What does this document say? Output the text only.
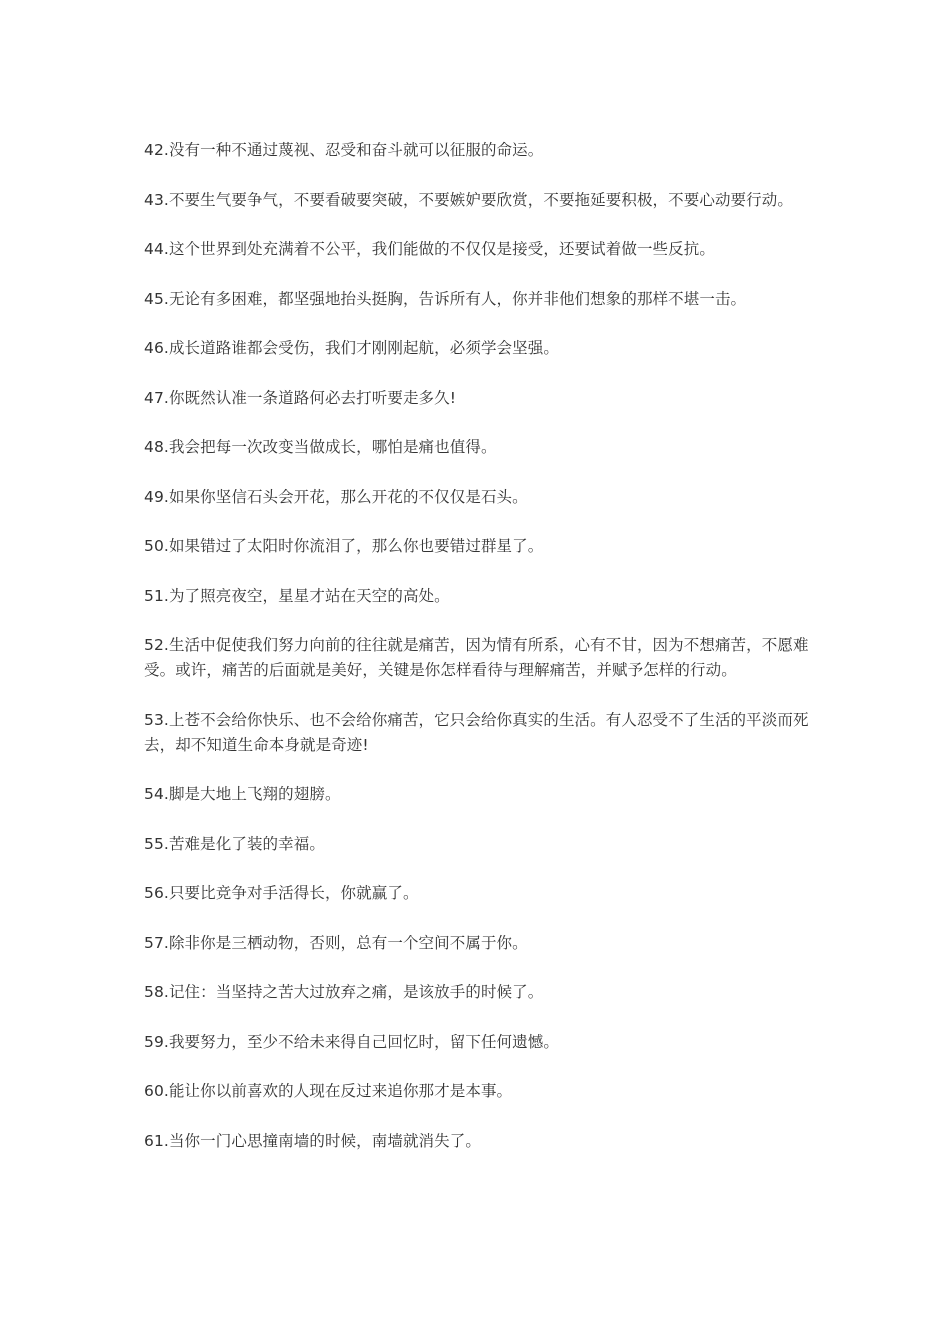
42.没有一种不通过蔑视、忍受和奋斗就可以征服的命运。

43.不要生气要争气，不要看破要突破，不要嫉妒要欣赏，不要拖延要积极，不要心动要行动。

44.这个世界到处充满着不公平，我们能做的不仅仅是接受，还要试着做一些反抗。

45.无论有多困难，都坚强地抬头挺胸，告诉所有人，你并非他们想象的那样不堪一击。

46.成长道路谁都会受伤，我们才刚刚起航，必须学会坚强。

47.你既然认准一条道路何必去打听要走多久!

48.我会把每一次改变当做成长，哪怕是痛也值得。

49.如果你坚信石头会开花，那么开花的不仅仅是石头。

50.如果错过了太阳时你流泪了，那么你也要错过群星了。

51.为了照亮夜空，星星才站在天空的高处。

52.生活中促使我们努力向前的往往就是痛苦，因为情有所系，心有不甘，因为不想痛苦，不愿难受。或许，痛苦的后面就是美好，关键是你怎样看待与理解痛苦，并赋予怎样的行动。

53.上苍不会给你快乐、也不会给你痛苦，它只会给你真实的生活。有人忍受不了生活的平淡而死去，却不知道生命本身就是奇迹!

54.脚是大地上飞翔的翅膀。

55.苦难是化了装的幸福。

56.只要比竞争对手活得长，你就赢了。

57.除非你是三栖动物，否则，总有一个空间不属于你。

58.记住：当坚持之苦大过放弃之痛，是该放手的时候了。

59.我要努力，至少不给未来得自己回忆时，留下任何遗憾。

60.能让你以前喜欢的人现在反过来追你那才是本事。

61.当你一门心思撞南墙的时候，南墙就消失了。
